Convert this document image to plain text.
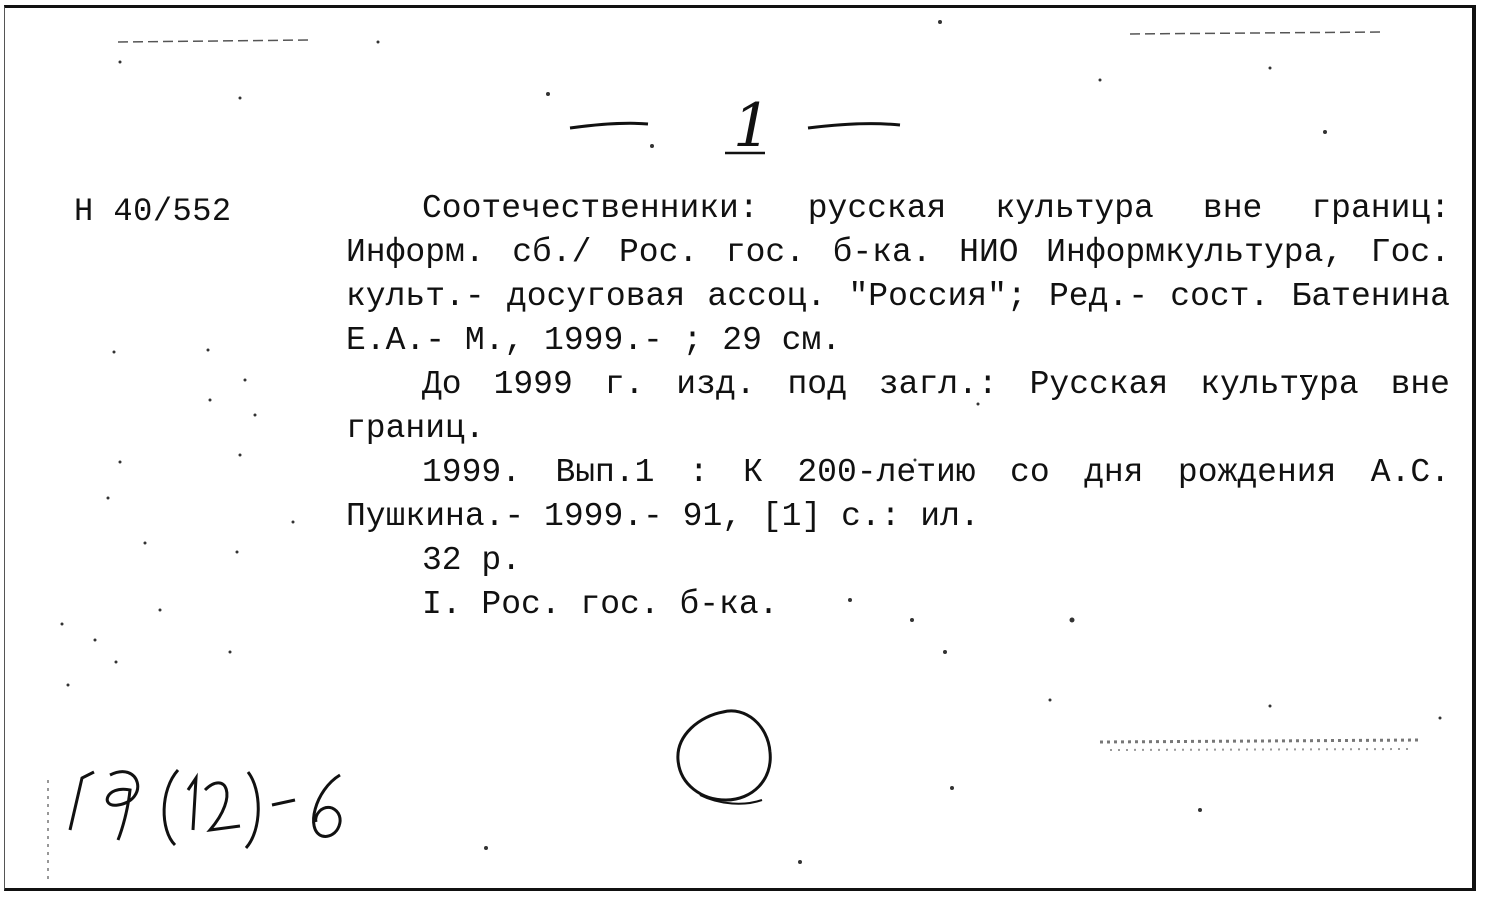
1
Н 40/552	Соотечественники: русская культура вне границ: Информ. сб./ Рос. гос. б-ка. НИО Информкультура, Гос. культ.- досуговая ассоц. "Россия"; Ред.- сост. Батенина Е.А.- М., 1999.- ; 29 см.

До 1999 г. изд. под загл.: Русская культура вне границ.

1999. Вып.1 : К 200-летию со дня рождения А.С. Пушкина.- 1999.- 91, [1] с.: ил.

32 р.

I. Рос. гос. б-ка.
